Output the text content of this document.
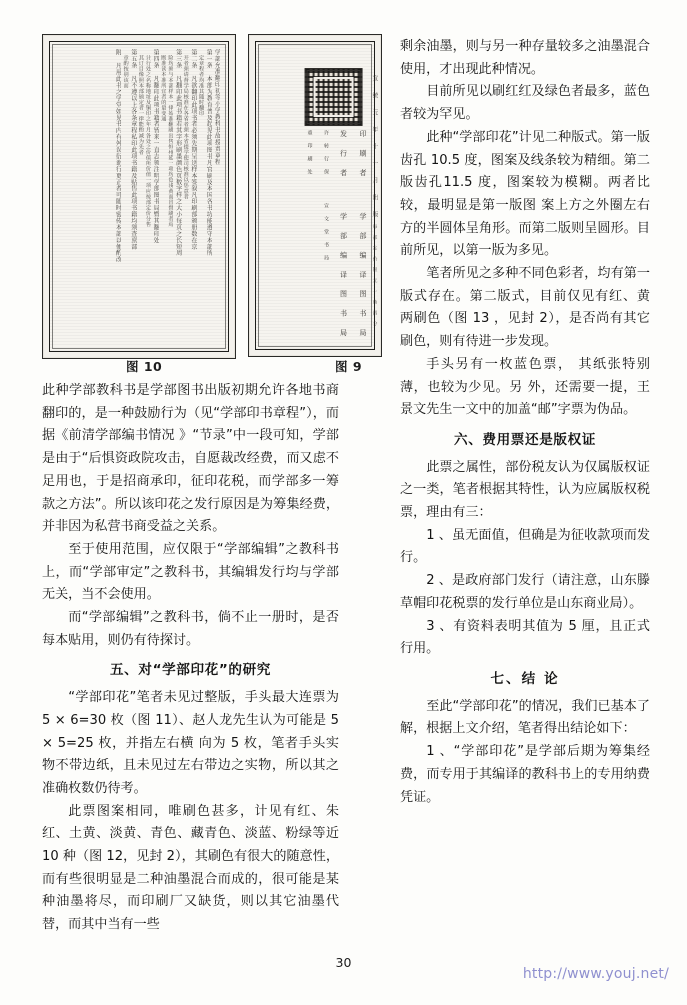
学部允准翻印初等小学教科书故授责章程
第一条 本部为教育普及起见此项图书凡官刷及本国各书坊能遵守本部所
定章程者均准其随时翻印
第二条 凡欲翻印此项书者必须先期呈送样本签叙凡印刷部颁册数在京
开者须请督学局核准在各省者须本省提学使司核准以惩意者
第三条 凡翻印此项书籍若其字形刷墨颜色页数字样之大小每页之长短周
险均须与本部样本一律始准翻刷出售恒州延一项均色浅黄而冒督刷者焉
断准读本准所宜者的量变通
第四条 凡翻印此项书籍者皆来一直志领注明学部图书局暨其翻印处
计行处之名称地址及铜印之年月各处之价值所价值一项应按部定价分售
其订目像照本部颁定者一律能酌减为先者
第五条 凡不遵以上各条章程私印此项书籍及贴售此项书籍均须查禀部
章酌按别该而
附 凡用此书之学堂如见书内有舛误衍讹行更正者可随时密传本部以便酌改	印 刷 者  学 部 编 译 图 书 局
发 行 者  学 部 编 译 图 书 局
许 转 行 保  宣 文 堂 书 局
重 印 刷 处	宣 统 元 年 十 一 月 出 版
每 部 定 价 银 元 一 角 四 分
图 10	图 9

此种学部教科书是学部图书出版初期允许各地书商翻印的，是一种鼓励行为（见“学部印书章程”），而据《前清学部编书情况 》“节录”中一段可知，学部是由于“后惧资政院攻击，自愿裁改经费，而又虑不足用也，于是招商承印，征印花税，而学部多一筹款之方法”。所以该印花之发行原因是为筹集经费，并非因为私营书商受益之关系。

至于使用范围，应仅限于“学部编辑”之教科书上，而“学部审定”之教科书，其编辑发行均与学部无关，当不会使用。

而“学部编辑”之教科书，倘不止一册时，是否每本贴用，则仍有待探讨。

五、对“学部印花”的研究

“学部印花”笔者未见过整版，手头最大连票为 5 × 6=30 枚（图 11）、赵人龙先生认为可能是 5 × 5=25 枚，并指左右横 向为 5 枚，笔者手头实物不带边纸，且未见过左右带边之实物，所以其之准确枚数仍待考。

此票图案相同，唯刷色甚多，计见有红、朱红、土黄、淡黄、青色、藏青色、淡蓝、粉绿等近10 种（图 12，见封 2），其刷色有很大的随意性，而有些很明显是二种油墨混合而成的，很可能是某种油墨将尽，而印刷厂又缺货，则以其它油墨代替，而其中当有一些

剩余油墨，则与另一种存量较多之油墨混合使用，才出现此种情况。

目前所见以刷红红及绿色者最多，蓝色者较为罕见。

此种“学部印花”计见二种版式。第一版齿孔 10.5 度，图案及线条较为精细。第二版齿孔11.5 度，图案较为模糊。两者比较，最明显是第一版图 案上方之外圈左右方的半圆体呈角形。而第二版则呈圆形。目前所见，以第一版为多见。

笔者所见之多种不同色彩者，均有第一版式存在。第二版式，目前仅见有红、黄 两刷色（图 13 ，见封 2），是否尚有其它刷色，则有待进一步发现。

手头另有一枚蓝色票， 其纸张特别薄，也较为少见。另 外，还需要一提，王景文先生一文中的加盖“邮”字票为伪品。

六、费用票还是版权证

此票之属性，部份税友认为仅属版权证之一类，笔者根据其特性，认为应属版权税票，理由有三：

1 、虽无面值，但确是为征收款项而发行。

2 、是政府部门发行（请注意，山东滕草帽印花税票的发行单位是山东商业局）。

3 、有资料表明其值为 5 厘，且正式行用。

七、结 论

至此“学部印花”的情况，我们已基本了解，根据上文介绍，笔者得出结论如下：

1 、“学部印花”是学部后期为筹集经费，而专用于其编译的教科书上的专用纳费凭证。

30
http://www.youj.net/
